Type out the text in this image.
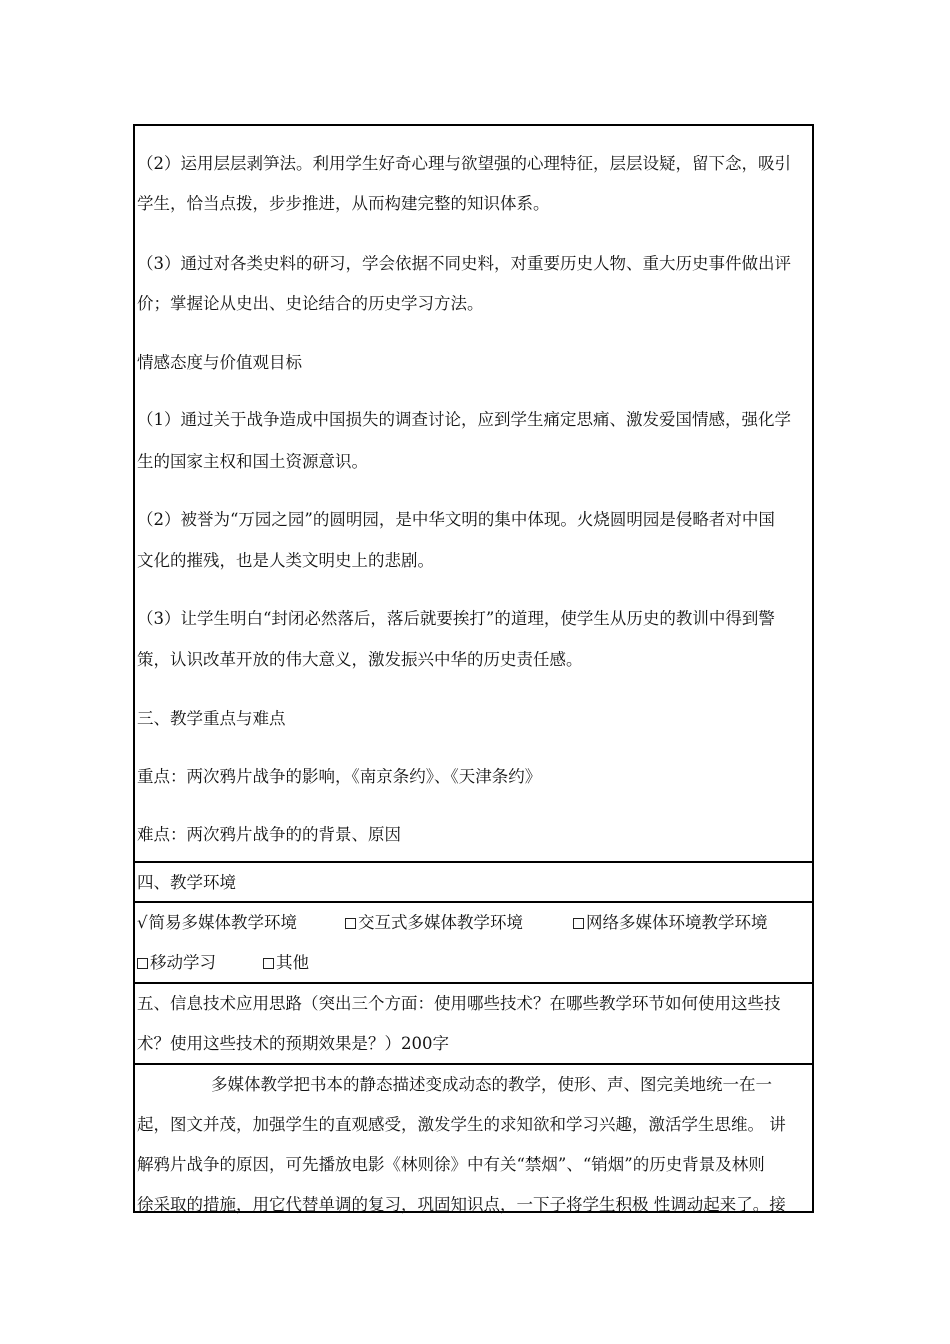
（2）运用层层剥笋法。利用学生好奇心理与欲望强的心理特征，层层设疑，留下念，吸引
学生，恰当点拨，步步推进，从而构建完整的知识体系。
（3）通过对各类史料的研习，学会依据不同史料，对重要历史人物、重大历史事件做出评
价；掌握论从史出、史论结合的历史学习方法。
情感态度与价值观目标
（1）通过关于战争造成中国损失的调查讨论，应到学生痛定思痛、激发爱国情感，强化学
生的国家主权和国土资源意识。
（2）被誉为“万园之园”的圆明园，是中华文明的集中体现。火烧圆明园是侵略者对中国
文化的摧残，也是人类文明史上的悲剧。
（3）让学生明白“封闭必然落后，落后就要挨打”的道理，使学生从历史的教训中得到警
策，认识改革开放的伟大意义，激发振兴中华的历史责任感。
三、教学重点与难点
重点：两次鸦片战争的影响，《南京条约》、《天津条约》
难点：两次鸦片战争的的背景、原因
四、教学环境
√简易多媒体教学环境	交互式多媒体教学环境	网络多媒体环境教学环境
移动学习	其他
五、信息技术应用思路（突出三个方面：使用哪些技术？在哪些教学环节如何使用这些技
术？使用这些技术的预期效果是？）200字
多媒体教学把书本的静态描述变成动态的教学，使形、声、图完美地统一在一
起，图文并茂，加强学生的直观感受，激发学生的求知欲和学习兴趣，激活学生思维。 讲
解鸦片战争的原因，可先播放电影《林则徐》中有关“禁烟”、“销烟”的历史背景及林则
徐采取的措施，用它代替单调的复习，巩固知识点，一下子将学生积极 性调动起来了。接
